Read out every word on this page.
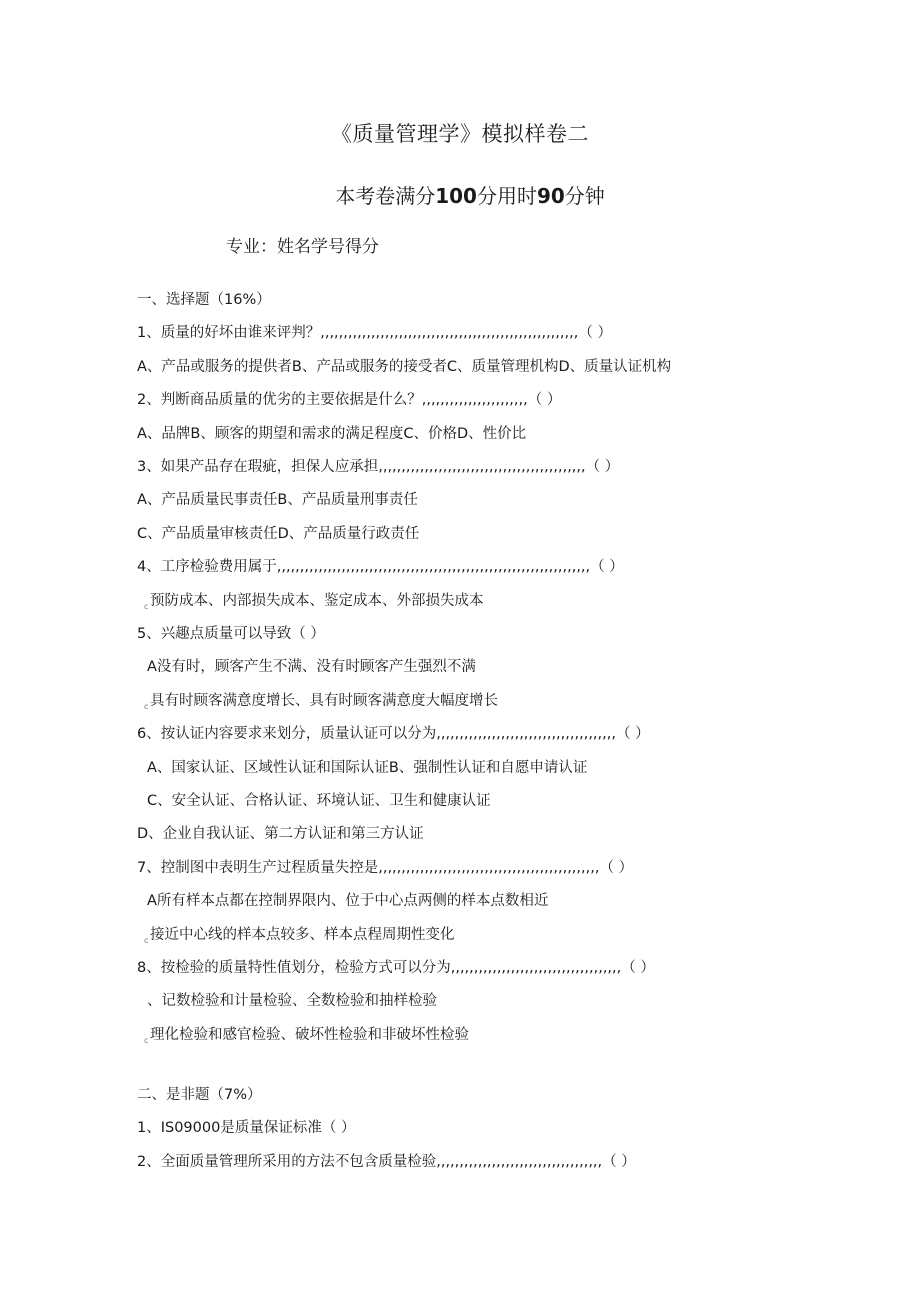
《质量管理学》模拟样卷二
本考卷满分100分用时90分钟
专业：姓名学号得分
一、选择题（16%）
1、质量的好坏由谁来评判？,,,,,,,,,,,,,,,,,,,,,,,,,,,,,,,,,,,,,,,,,,,,,,,,,,,,,,,,（ ）
A、产品或服务的提供者B、产品或服务的接受者C、质量管理机构D、质量认证机构
2、判断商品质量的优劣的主要依据是什么？,,,,,,,,,,,,,,,,,,,,,,,（ ）
A、品牌B、顾客的期望和需求的满足程度C、价格D、性价比
3、如果产品存在瑕疵，担保人应承担,,,,,,,,,,,,,,,,,,,,,,,,,,,,,,,,,,,,,,,,,,,,,（ ）
A、产品质量民事责任B、产品质量刑事责任
C、产品质量审核责任D、产品质量行政责任
4、工序检验费用属于,,,,,,,,,,,,,,,,,,,,,,,,,,,,,,,,,,,,,,,,,,,,,,,,,,,,,,,,,,,,,,,,,,,,（ ）
c 预防成本、内部损失成本、鉴定成本、外部损失成本
5、兴趣点质量可以导致（ ）
A没有时，顾客产生不满、没有时顾客产生强烈不满
c 具有时顾客满意度增长、具有时顾客满意度大幅度增长
6、按认证内容要求来划分，质量认证可以分为,,,,,,,,,,,,,,,,,,,,,,,,,,,,,,,,,,,,,,,（ ）
A、国家认证、区域性认证和国际认证B、强制性认证和自愿申请认证
C、安全认证、合格认证、环境认证、卫生和健康认证
D、企业自我认证、第二方认证和第三方认证
7、控制图中表明生产过程质量失控是,,,,,,,,,,,,,,,,,,,,,,,,,,,,,,,,,,,,,,,,,,,,,,,,（ ）
A所有样本点都在控制界限内、位于中心点两侧的样本点数相近
c 接近中心线的样本点较多、样本点程周期性变化
8、按检验的质量特性值划分，检验方式可以分为,,,,,,,,,,,,,,,,,,,,,,,,,,,,,,,,,,,,,（ ）
、记数检验和计量检验、全数检验和抽样检验
c 理化检验和感官检验、破坏性检验和非破坏性检验
二、是非题（7%）
1、IS09000是质量保证标准（ ）
2、全面质量管理所采用的方法不包含质量检验,,,,,,,,,,,,,,,,,,,,,,,,,,,,,,,,,,,,（ ）
